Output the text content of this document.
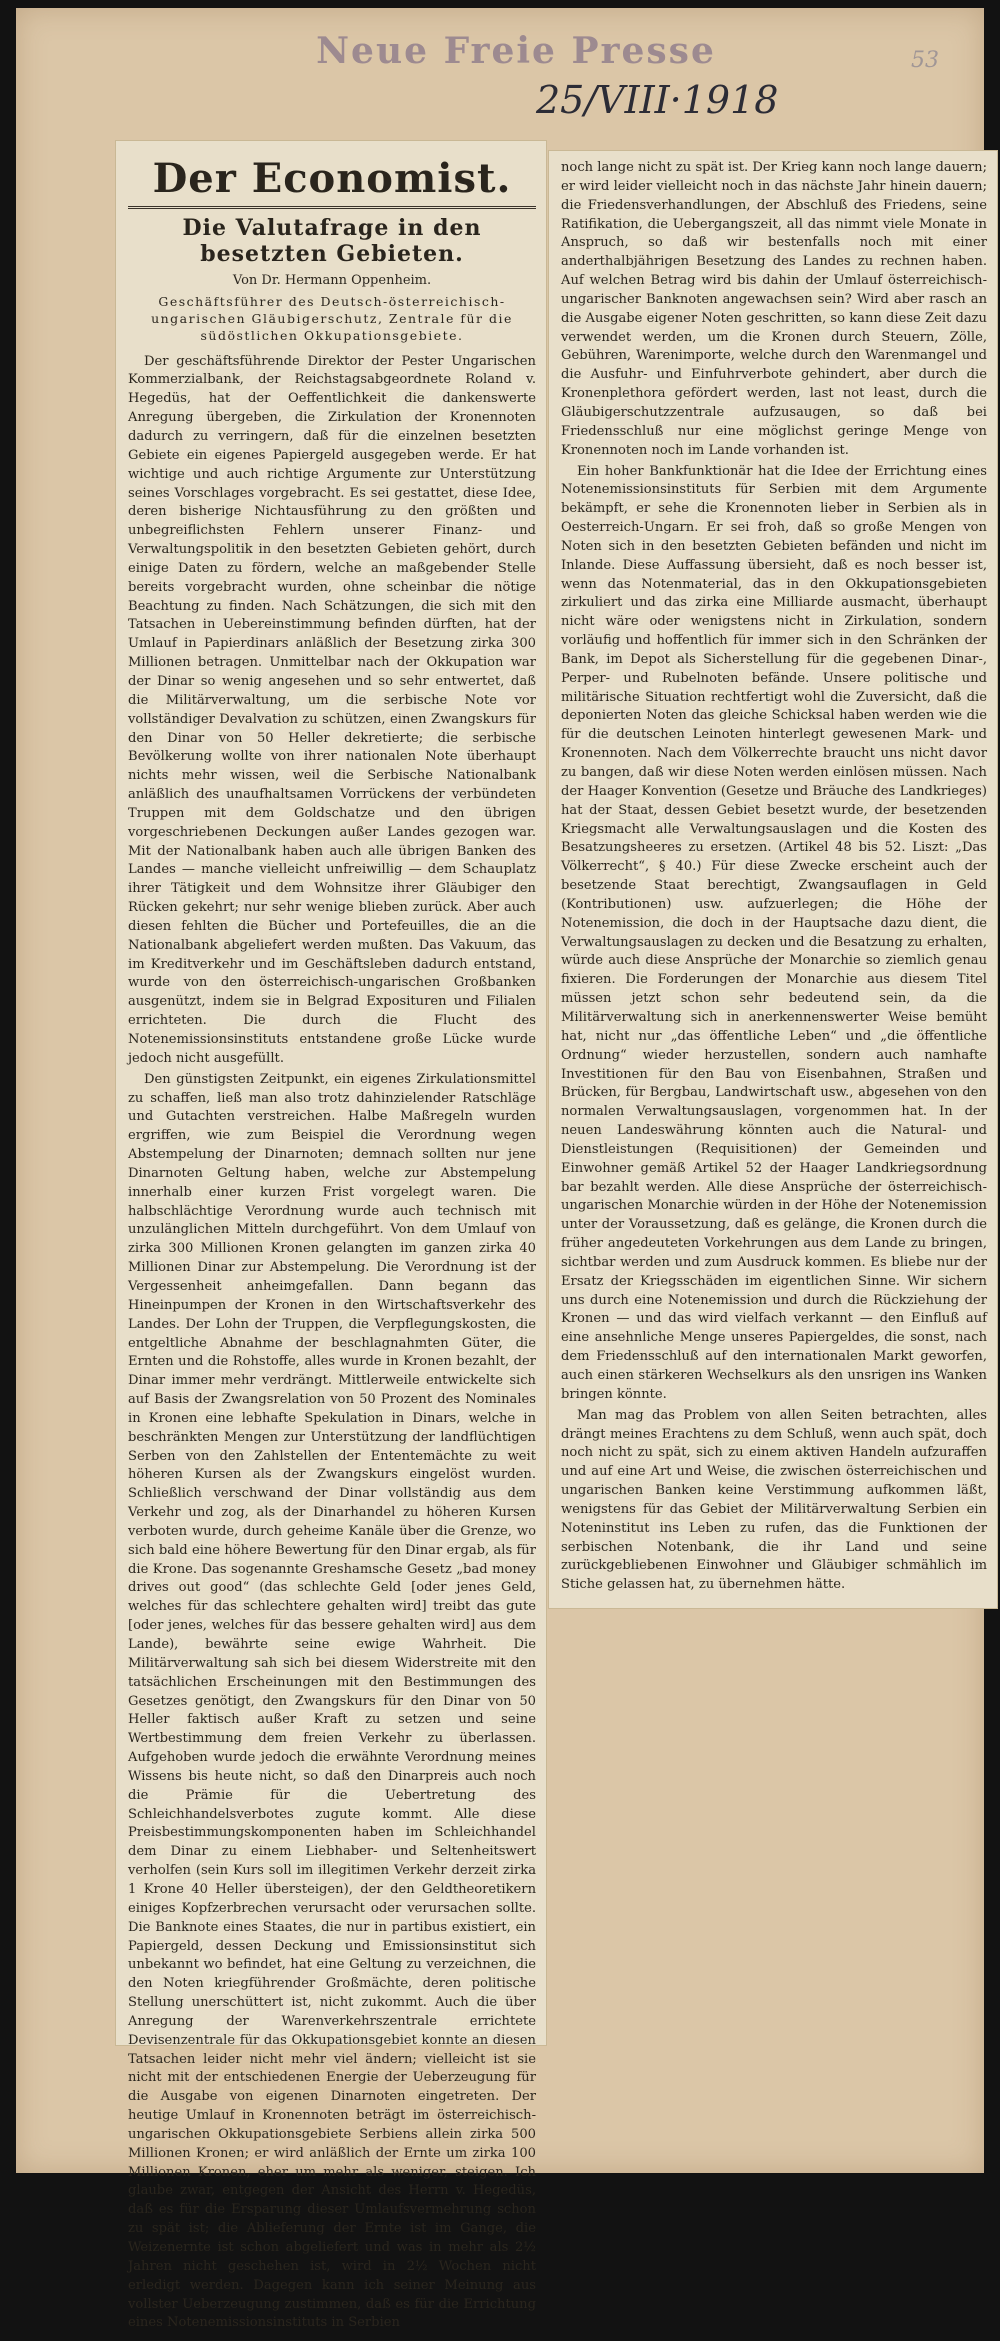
Neue Freie Presse
25/VIII·1918
53
Der Economist.
Die Valutafrage in den besetzten Gebieten.
Von Dr. Hermann Oppenheim.
Geschäftsführer des Deutsch-österreichisch-ungarischen Gläubigerschutz, Zentrale für die südöstlichen Okkupationsgebiete.

Der geschäftsführende Direktor der Pester Ungarischen Kommerzialbank, der Reichstagsabgeordnete Roland v. Hegedüs, hat der Oeffentlichkeit die dankenswerte Anregung übergeben, die Zirkulation der Kronennoten dadurch zu verringern, daß für die einzelnen besetzten Gebiete ein eigenes Papiergeld ausgegeben werde. Er hat wichtige und auch richtige Argumente zur Unterstützung seines Vorschlages vorgebracht. Es sei gestattet, diese Idee, deren bisherige Nichtausführung zu den größten und unbegreiflichsten Fehlern unserer Finanz- und Verwaltungspolitik in den besetzten Gebieten gehört, durch einige Daten zu fördern, welche an maßgebender Stelle bereits vorgebracht wurden, ohne scheinbar die nötige Beachtung zu finden. Nach Schätzungen, die sich mit den Tatsachen in Uebereinstimmung befinden dürften, hat der Umlauf in Papierdinars anläßlich der Besetzung zirka 300 Millionen betragen. Unmittelbar nach der Okkupation war der Dinar so wenig angesehen und so sehr entwertet, daß die Militärverwaltung, um die serbische Note vor vollständiger Devalvation zu schützen, einen Zwangskurs für den Dinar von 50 Heller dekretierte; die serbische Bevölkerung wollte von ihrer nationalen Note überhaupt nichts mehr wissen, weil die Serbische Nationalbank anläßlich des unaufhaltsamen Vorrückens der verbündeten Truppen mit dem Goldschatze und den übrigen vorgeschriebenen Deckungen außer Landes gezogen war. Mit der Nationalbank haben auch alle übrigen Banken des Landes — manche vielleicht unfreiwillig — dem Schauplatz ihrer Tätigkeit und dem Wohnsitze ihrer Gläubiger den Rücken gekehrt; nur sehr wenige blieben zurück. Aber auch diesen fehlten die Bücher und Portefeuilles, die an die Nationalbank abgeliefert werden mußten. Das Vakuum, das im Kreditverkehr und im Geschäftsleben dadurch entstand, wurde von den österreichisch-ungarischen Großbanken ausgenützt, indem sie in Belgrad Exposituren und Filialen errichteten. Die durch die Flucht des Notenemissionsinstituts entstandene große Lücke wurde jedoch nicht ausgefüllt.

Den günstigsten Zeitpunkt, ein eigenes Zirkulationsmittel zu schaffen, ließ man also trotz dahinzielender Ratschläge und Gutachten verstreichen. Halbe Maßregeln wurden ergriffen, wie zum Beispiel die Verordnung wegen Abstempelung der Dinarnoten; demnach sollten nur jene Dinarnoten Geltung haben, welche zur Abstempelung innerhalb einer kurzen Frist vorgelegt waren. Die halbschlächtige Verordnung wurde auch technisch mit unzulänglichen Mitteln durchgeführt. Von dem Umlauf von zirka 300 Millionen Kronen gelangten im ganzen zirka 40 Millionen Dinar zur Abstempelung. Die Verordnung ist der Vergessenheit anheimgefallen. Dann begann das Hineinpumpen der Kronen in den Wirtschaftsverkehr des Landes. Der Lohn der Truppen, die Verpflegungskosten, die entgeltliche Abnahme der beschlagnahmten Güter, die Ernten und die Rohstoffe, alles wurde in Kronen bezahlt, der Dinar immer mehr verdrängt. Mittlerweile entwickelte sich auf Basis der Zwangsrelation von 50 Prozent des Nominales in Kronen eine lebhafte Spekulation in Dinars, welche in beschränkten Mengen zur Unterstützung der landflüchtigen Serben von den Zahlstellen der Ententemächte zu weit höheren Kursen als der Zwangskurs eingelöst wurden. Schließlich verschwand der Dinar vollständig aus dem Verkehr und zog, als der Dinarhandel zu höheren Kursen verboten wurde, durch geheime Kanäle über die Grenze, wo sich bald eine höhere Bewertung für den Dinar ergab, als für die Krone. Das sogenannte Greshamsche Gesetz „bad money drives out good“ (das schlechte Geld [oder jenes Geld, welches für das schlechtere gehalten wird] treibt das gute [oder jenes, welches für das bessere gehalten wird] aus dem Lande), bewährte seine ewige Wahrheit. Die Militärverwaltung sah sich bei diesem Widerstreite mit den tatsächlichen Erscheinungen mit den Bestimmungen des Gesetzes genötigt, den Zwangskurs für den Dinar von 50 Heller faktisch außer Kraft zu setzen und seine Wertbestimmung dem freien Verkehr zu überlassen. Aufgehoben wurde jedoch die erwähnte Verordnung meines Wissens bis heute nicht, so daß den Dinarpreis auch noch die Prämie für die Uebertretung des Schleichhandelsverbotes zugute kommt. Alle diese Preisbestimmungskomponenten haben im Schleichhandel dem Dinar zu einem Liebhaber- und Seltenheitswert verholfen (sein Kurs soll im illegitimen Verkehr derzeit zirka 1 Krone 40 Heller übersteigen), der den Geldtheoretikern einiges Kopfzerbrechen verursacht oder verursachen sollte. Die Banknote eines Staates, die nur in partibus existiert, ein Papiergeld, dessen Deckung und Emissionsinstitut sich unbekannt wo befindet, hat eine Geltung zu verzeichnen, die den Noten kriegführender Großmächte, deren politische Stellung unerschüttert ist, nicht zukommt. Auch die über Anregung der Warenverkehrszentrale errichtete Devisenzentrale für das Okkupationsgebiet konnte an diesen Tatsachen leider nicht mehr viel ändern; vielleicht ist sie nicht mit der entschiedenen Energie der Ueberzeugung für die Ausgabe von eigenen Dinarnoten eingetreten. Der heutige Umlauf in Kronennoten beträgt im österreichisch-ungarischen Okkupationsgebiete Serbiens allein zirka 500 Millionen Kronen; er wird anläßlich der Ernte um zirka 100 Millionen Kronen, eher um mehr als weniger, steigen. Ich glaube zwar, entgegen der Ansicht des Herrn v. Hegedüs, daß es für die Ersparung dieser Umlaufsvermehrung schon zu spät ist; die Ablieferung der Ernte ist im Gange, die Weizenernte ist schon abgeliefert und was in mehr als 2½ Jahren nicht geschehen ist, wird in 2½ Wochen nicht erledigt werden. Dagegen kann ich seiner Meinung aus vollster Ueberzeugung zustimmen, daß es für die Errichtung eines Notenemissionsinstituts in Serbien

noch lange nicht zu spät ist. Der Krieg kann noch lange dauern; er wird leider vielleicht noch in das nächste Jahr hinein dauern; die Friedensverhandlungen, der Abschluß des Friedens, seine Ratifikation, die Uebergangszeit, all das nimmt viele Monate in Anspruch, so daß wir bestenfalls noch mit einer anderthalbjährigen Besetzung des Landes zu rechnen haben. Auf welchen Betrag wird bis dahin der Umlauf österreichisch-ungarischer Banknoten angewachsen sein? Wird aber rasch an die Ausgabe eigener Noten geschritten, so kann diese Zeit dazu verwendet werden, um die Kronen durch Steuern, Zölle, Gebühren, Warenimporte, welche durch den Warenmangel und die Ausfuhr- und Einfuhrverbote gehindert, aber durch die Kronenplethora gefördert werden, last not least, durch die Gläubigerschutzzentrale aufzusaugen, so daß bei Friedensschluß nur eine möglichst geringe Menge von Kronennoten noch im Lande vorhanden ist.

Ein hoher Bankfunktionär hat die Idee der Errichtung eines Notenemissionsinstituts für Serbien mit dem Argumente bekämpft, er sehe die Kronennoten lieber in Serbien als in Oesterreich-Ungarn. Er sei froh, daß so große Mengen von Noten sich in den besetzten Gebieten befänden und nicht im Inlande. Diese Auffassung übersieht, daß es noch besser ist, wenn das Notenmaterial, das in den Okkupationsgebieten zirkuliert und das zirka eine Milliarde ausmacht, überhaupt nicht wäre oder wenigstens nicht in Zirkulation, sondern vorläufig und hoffentlich für immer sich in den Schränken der Bank, im Depot als Sicherstellung für die gegebenen Dinar-, Perper- und Rubelnoten befände. Unsere politische und militärische Situation rechtfertigt wohl die Zuversicht, daß die deponierten Noten das gleiche Schicksal haben werden wie die für die deutschen Leinoten hinterlegt gewesenen Mark- und Kronennoten. Nach dem Völkerrechte braucht uns nicht davor zu bangen, daß wir diese Noten werden einlösen müssen. Nach der Haager Konvention (Gesetze und Bräuche des Landkrieges) hat der Staat, dessen Gebiet besetzt wurde, der besetzenden Kriegsmacht alle Verwaltungsauslagen und die Kosten des Besatzungsheeres zu ersetzen. (Artikel 48 bis 52. Liszt: „Das Völkerrecht“, § 40.) Für diese Zwecke erscheint auch der besetzende Staat berechtigt, Zwangsauflagen in Geld (Kontributionen) usw. aufzuerlegen; die Höhe der Notenemission, die doch in der Hauptsache dazu dient, die Verwaltungsauslagen zu decken und die Besatzung zu erhalten, würde auch diese Ansprüche der Monarchie so ziemlich genau fixieren. Die Forderungen der Monarchie aus diesem Titel müssen jetzt schon sehr bedeutend sein, da die Militärverwaltung sich in anerkennenswerter Weise bemüht hat, nicht nur „das öffentliche Leben“ und „die öffentliche Ordnung“ wieder herzustellen, sondern auch namhafte Investitionen für den Bau von Eisenbahnen, Straßen und Brücken, für Bergbau, Landwirtschaft usw., abgesehen von den normalen Verwaltungsauslagen, vorgenommen hat. In der neuen Landeswährung könnten auch die Natural- und Dienstleistungen (Requisitionen) der Gemeinden und Einwohner gemäß Artikel 52 der Haager Landkriegsordnung bar bezahlt werden. Alle diese Ansprüche der österreichisch-ungarischen Monarchie würden in der Höhe der Notenemission unter der Voraussetzung, daß es gelänge, die Kronen durch die früher angedeuteten Vorkehrungen aus dem Lande zu bringen, sichtbar werden und zum Ausdruck kommen. Es bliebe nur der Ersatz der Kriegsschäden im eigentlichen Sinne. Wir sichern uns durch eine Notenemission und durch die Rückziehung der Kronen — und das wird vielfach verkannt — den Einfluß auf eine ansehnliche Menge unseres Papiergeldes, die sonst, nach dem Friedensschluß auf den internationalen Markt geworfen, auch einen stärkeren Wechselkurs als den unsrigen ins Wanken bringen könnte.

Man mag das Problem von allen Seiten betrachten, alles drängt meines Erachtens zu dem Schluß, wenn auch spät, doch noch nicht zu spät, sich zu einem aktiven Handeln aufzuraffen und auf eine Art und Weise, die zwischen österreichischen und ungarischen Banken keine Verstimmung aufkommen läßt, wenigstens für das Gebiet der Militärverwaltung Serbien ein Noteninstitut ins Leben zu rufen, das die Funktionen der serbischen Notenbank, die ihr Land und seine zurückgebliebenen Einwohner und Gläubiger schmählich im Stiche gelassen hat, zu übernehmen hätte.
